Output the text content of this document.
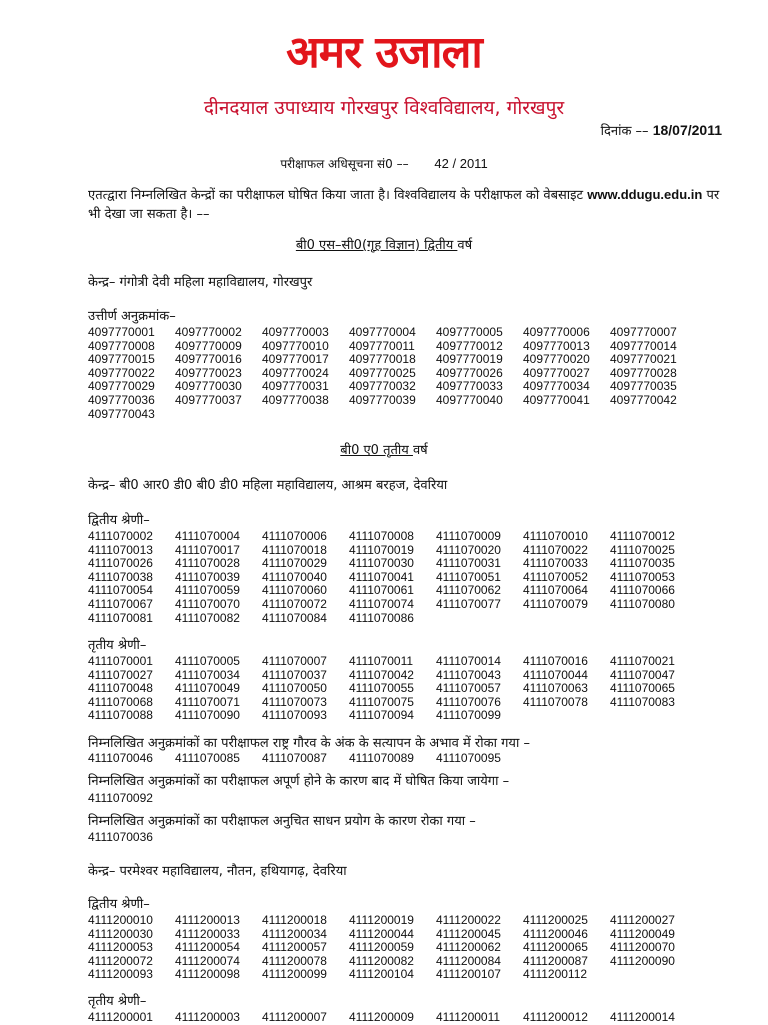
अमर उजाला
दीनदयाल उपाध्याय गोरखपुर विश्वविद्यालय, गोरखपुर
दिनांक –– 18/07/2011
परीक्षाफल अधिसूचना सं0 –– 42 / 2011
एतत्द्वारा निम्नलिखित केन्द्रों का परीक्षाफल घोषित किया जाता है। विश्वविद्यालय के परीक्षाफल को वेबसाइट www.ddugu.edu.in पर भी देखा जा सकता है। ––
बी0 एस–सी0(गृह विज्ञान) द्वितीय वर्ष
केन्द्र– गंगोत्री देवी महिला महाविद्यालय, गोरखपुर
उत्तीर्ण अनुक्रमांक–
4097770001	4097770002	4097770003	4097770004	4097770005	4097770006	4097770007
4097770008	4097770009	4097770010	4097770011	4097770012	4097770013	4097770014
4097770015	4097770016	4097770017	4097770018	4097770019	4097770020	4097770021
4097770022	4097770023	4097770024	4097770025	4097770026	4097770027	4097770028
4097770029	4097770030	4097770031	4097770032	4097770033	4097770034	4097770035
4097770036	4097770037	4097770038	4097770039	4097770040	4097770041	4097770042
4097770043
बी0 ए0 तृतीय वर्ष
केन्द्र– बी0 आर0 डी0 बी0 डी0 महिला महाविद्यालय, आश्रम बरहज, देवरिया
द्वितीय श्रेणी–
4111070002	4111070004	4111070006	4111070008	4111070009	4111070010	4111070012
4111070013	4111070017	4111070018	4111070019	4111070020	4111070022	4111070025
4111070026	4111070028	4111070029	4111070030	4111070031	4111070033	4111070035
4111070038	4111070039	4111070040	4111070041	4111070051	4111070052	4111070053
4111070054	4111070059	4111070060	4111070061	4111070062	4111070064	4111070066
4111070067	4111070070	4111070072	4111070074	4111070077	4111070079	4111070080
4111070081	4111070082	4111070084	4111070086
तृतीय श्रेणी–
4111070001	4111070005	4111070007	4111070011	4111070014	4111070016	4111070021
4111070027	4111070034	4111070037	4111070042	4111070043	4111070044	4111070047
4111070048	4111070049	4111070050	4111070055	4111070057	4111070063	4111070065
4111070068	4111070071	4111070073	4111070075	4111070076	4111070078	4111070083
4111070088	4111070090	4111070093	4111070094	4111070099
निम्नलिखित अनुक्रमांकों का परीक्षाफल राष्ट्र गौरव के अंक के सत्यापन के अभाव में रोका गया –
4111070046	4111070085	4111070087	4111070089	4111070095
निम्नलिखित अनुक्रमांकों का परीक्षाफल अपूर्ण होने के कारण बाद में घोषित किया जायेगा –
4111070092
निम्नलिखित अनुक्रमांकों का परीक्षाफल अनुचित साधन प्रयोग के कारण रोका गया –
4111070036
केन्द्र– परमेश्वर महाविद्यालय, नौतन, हथियागढ़, देवरिया
द्वितीय श्रेणी–
4111200010	4111200013	4111200018	4111200019	4111200022	4111200025	4111200027
4111200030	4111200033	4111200034	4111200044	4111200045	4111200046	4111200049
4111200053	4111200054	4111200057	4111200059	4111200062	4111200065	4111200070
4111200072	4111200074	4111200078	4111200082	4111200084	4111200087	4111200090
4111200093	4111200098	4111200099	4111200104	4111200107	4111200112
तृतीय श्रेणी–
4111200001	4111200003	4111200007	4111200009	4111200011	4111200012	4111200014
